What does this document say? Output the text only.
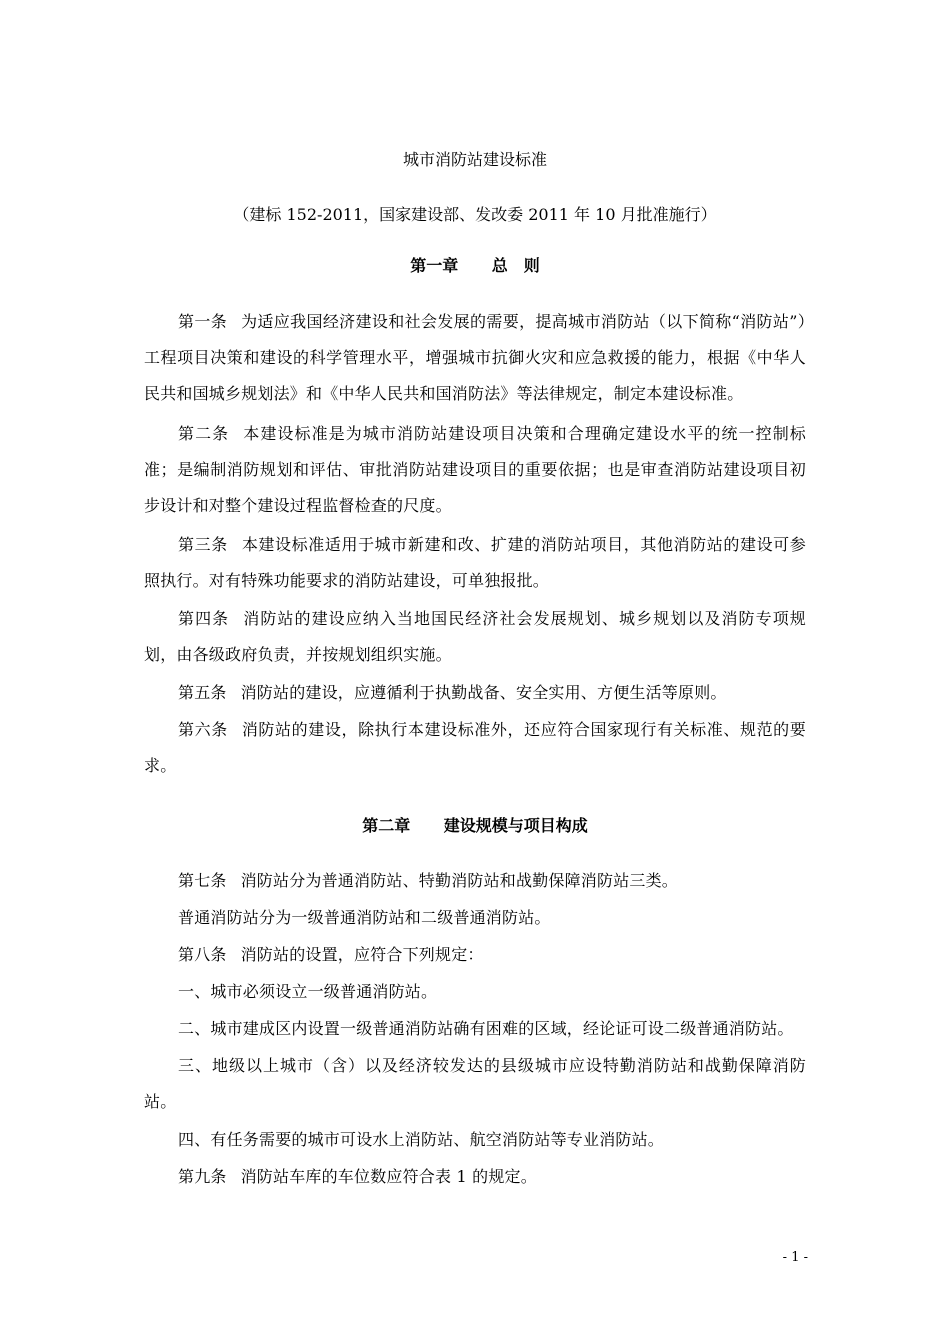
城市消防站建设标准

（建标 152-2011，国家建设部、发改委 2011 年 10 月批准施行）

第一章 总　则

第一条 为适应我国经济建设和社会发展的需要，提高城市消防站（以下简称“消防站”）工程项目决策和建设的科学管理水平，增强城市抗御火灾和应急救援的能力，根据《中华人民共和国城乡规划法》和《中华人民共和国消防法》等法律规定，制定本建设标准。

第二条 本建设标准是为城市消防站建设项目决策和合理确定建设水平的统一控制标准；是编制消防规划和评估、审批消防站建设项目的重要依据；也是审查消防站建设项目初步设计和对整个建设过程监督检查的尺度。

第三条 本建设标准适用于城市新建和改、扩建的消防站项目，其他消防站的建设可参照执行。对有特殊功能要求的消防站建设，可单独报批。

第四条 消防站的建设应纳入当地国民经济社会发展规划、城乡规划以及消防专项规划，由各级政府负责，并按规划组织实施。

第五条 消防站的建设，应遵循利于执勤战备、安全实用、方便生活等原则。

第六条 消防站的建设，除执行本建设标准外，还应符合国家现行有关标准、规范的要求。

第二章 建设规模与项目构成

第七条 消防站分为普通消防站、特勤消防站和战勤保障消防站三类。

普通消防站分为一级普通消防站和二级普通消防站。

第八条 消防站的设置，应符合下列规定：

一、城市必须设立一级普通消防站。

二、城市建成区内设置一级普通消防站确有困难的区域，经论证可设二级普通消防站。

三、地级以上城市（含）以及经济较发达的县级城市应设特勤消防站和战勤保障消防站。

四、有任务需要的城市可设水上消防站、航空消防站等专业消防站。

第九条 消防站车库的车位数应符合表 1 的规定。

- 1 -
